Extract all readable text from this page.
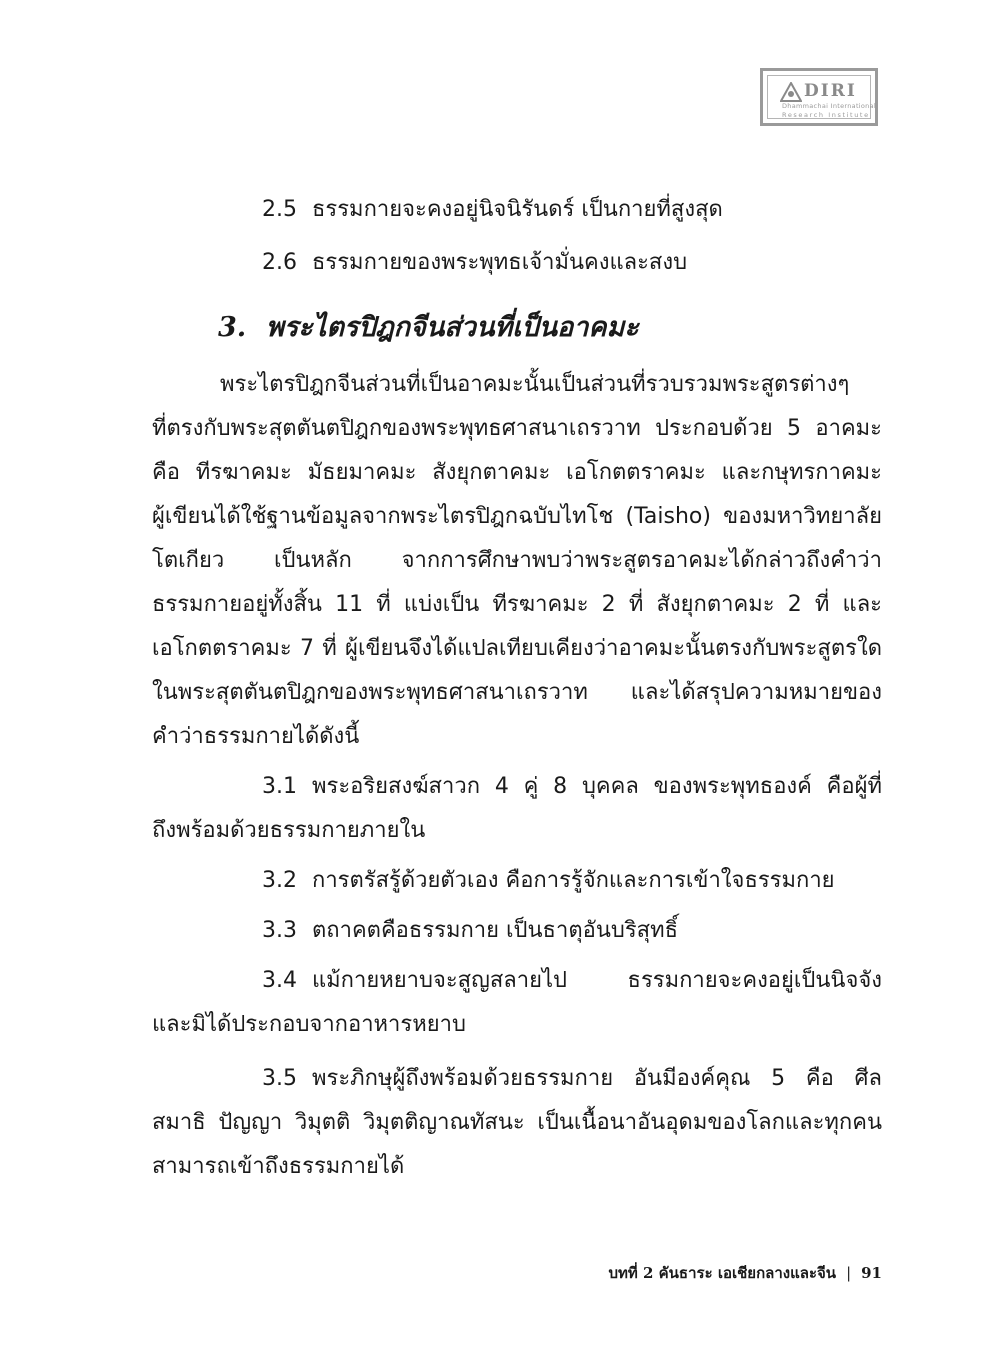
DIRI
Dhammachai International
Research Institute
2.5 ธรรมกายจะคงอยู่นิจนิรันดร์ เป็นกายที่สูงสุด
2.6 ธรรมกายของพระพุทธเจ้ามั่นคงและสงบ
3. พระไตรปิฎกจีนส่วนที่เป็นอาคมะ
พระไตรปิฎกจีนส่วนที่เป็นอาคมะนั้นเป็นส่วนที่รวบรวมพระสูตรต่างๆ
ที่ตรงกับพระสุตตันตปิฎกของพระพุทธศาสนาเถรวาท ประกอบด้วย 5 อาคมะ
คือ ทีรฆาคมะ มัธยมาคมะ สังยุกตาคมะ เอโกตตราคมะ และกษุทรกาคมะ
ผู้เขียนได้ใช้ฐานข้อมูลจากพระไตรปิฎกฉบับไทโช (Taisho) ของมหาวิทยาลัย
โตเกียว เป็นหลัก จากการศึกษาพบว่าพระสูตรอาคมะได้กล่าวถึงคำว่า
ธรรมกายอยู่ทั้งสิ้น 11 ที่ แบ่งเป็น ทีรฆาคมะ 2 ที่ สังยุกตาคมะ 2 ที่ และ
เอโกตตราคมะ 7 ที่ ผู้เขียนจึงได้แปลเทียบเคียงว่าอาคมะนั้นตรงกับพระสูตรใด
ในพระสุตตันตปิฎกของพระพุทธศาสนาเถรวาท และได้สรุปความหมายของ
คำว่าธรรมกายได้ดังนี้
3.1 พระอริยสงฆ์สาวก 4 คู่ 8 บุคคล ของพระพุทธองค์ คือผู้ที่
ถึงพร้อมด้วยธรรมกายภายใน
3.2 การตรัสรู้ด้วยตัวเอง คือการรู้จักและการเข้าใจธรรมกาย
3.3 ตถาคตคือธรรมกาย เป็นธาตุอันบริสุทธิ์
3.4 แม้กายหยาบจะสูญสลายไป ธรรมกายจะคงอยู่เป็นนิจจัง
และมิได้ประกอบจากอาหารหยาบ
3.5 พระภิกษุผู้ถึงพร้อมด้วยธรรมกาย อันมีองค์คุณ 5 คือ ศีล
สมาธิ ปัญญา วิมุตติ วิมุตติญาณทัสนะ เป็นเนื้อนาอันอุดมของโลกและทุกคน
สามารถเข้าถึงธรรมกายได้
บทที่ 2 คันธาระ เอเชียกลางและจีน | 91
